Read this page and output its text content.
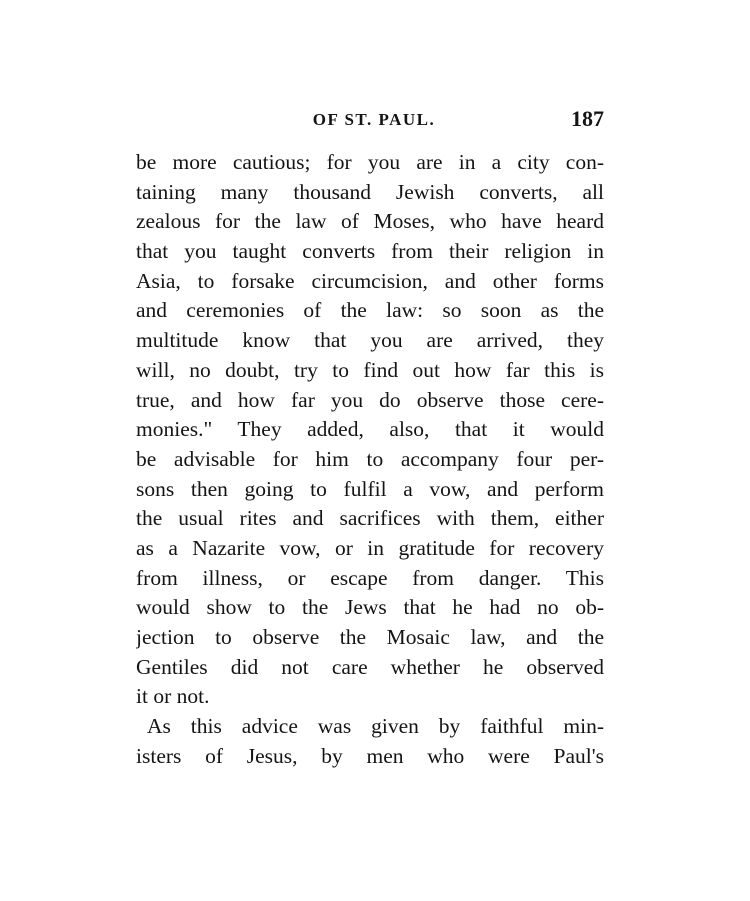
OF ST. PAUL.	187
be more cautious; for you are in a city con-
taining many thousand Jewish converts, all
zealous for the law of Moses, who have heard
that you taught converts from their religion in
Asia, to forsake circumcision, and other forms
and ceremonies of the law: so soon as the
multitude know that you are arrived, they
will, no doubt, try to find out how far this is
true, and how far you do observe those cere-
monies." They added, also, that it would
be advisable for him to accompany four per-
sons then going to fulfil a vow, and perform
the usual rites and sacrifices with them, either
as a Nazarite vow, or in gratitude for recovery
from illness, or escape from danger. This
would show to the Jews that he had no ob-
jection to observe the Mosaic law, and the
Gentiles did not care whether he observed
it or not.
As this advice was given by faithful min-
isters of Jesus, by men who were Paul's
